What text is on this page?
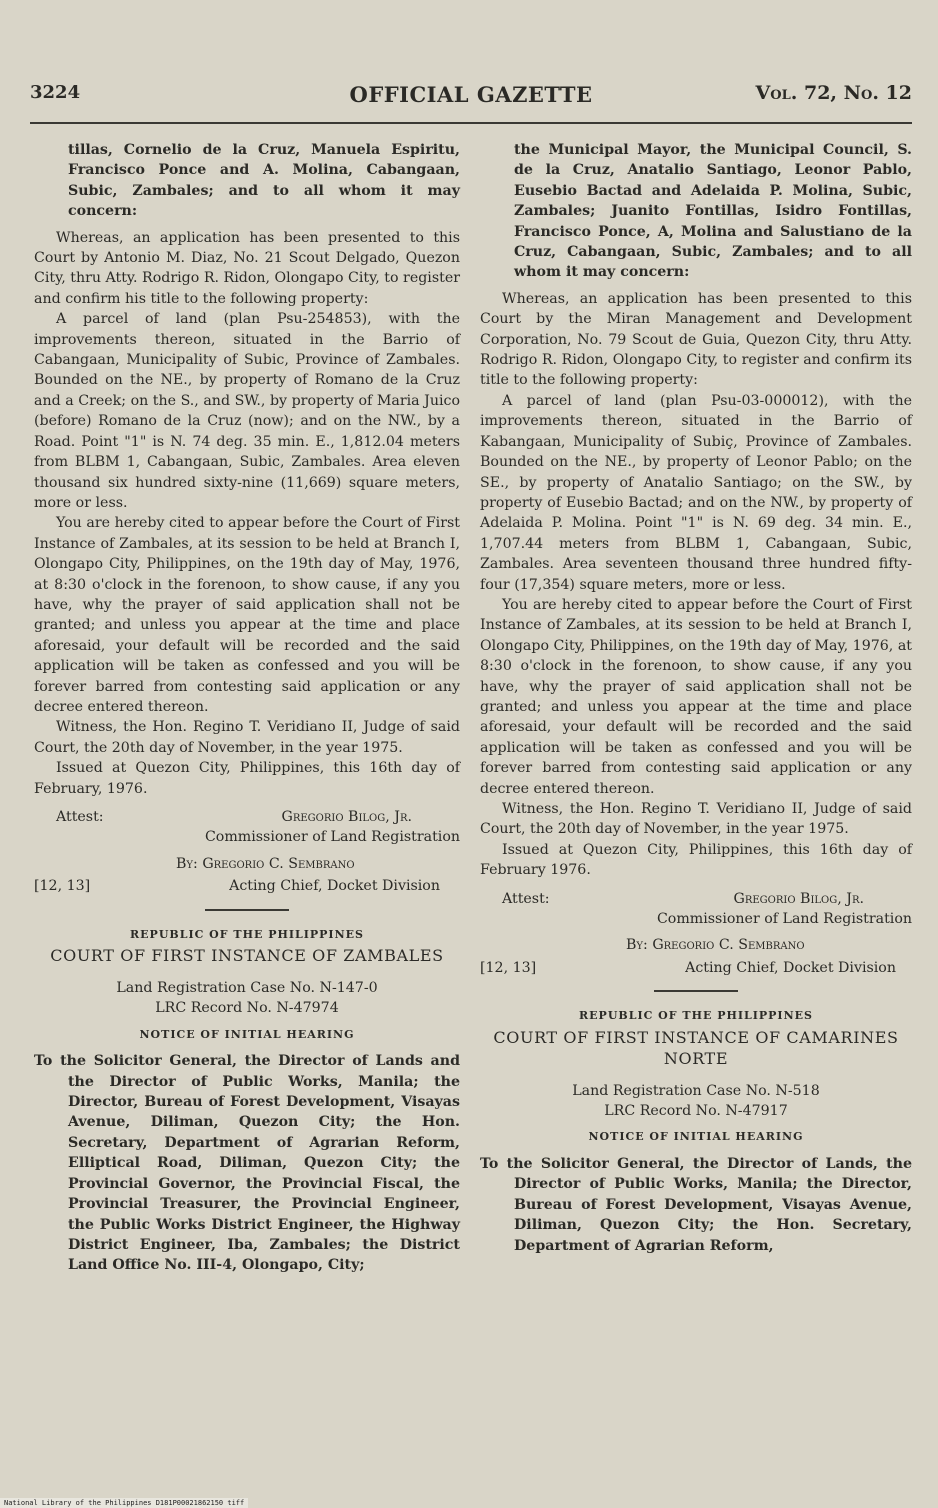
3224	OFFICIAL GAZETTE	Vol. 72, No. 12

tillas, Cornelio de la Cruz, Manuela Espiritu, Francisco Ponce and A. Molina, Cabangaan, Subic, Zambales; and to all whom it may concern:

Whereas, an application has been presented to this Court by Antonio M. Diaz, No. 21 Scout Delgado, Quezon City, thru Atty. Rodrigo R. Ridon, Olongapo City, to register and confirm his title to the following property:

A parcel of land (plan Psu-254853), with the improvements thereon, situated in the Barrio of Cabangaan, Municipality of Subic, Province of Zambales. Bounded on the NE., by property of Romano de la Cruz and a Creek; on the S., and SW., by property of Maria Juico (before) Romano de la Cruz (now); and on the NW., by a Road. Point "1" is N. 74 deg. 35 min. E., 1,812.04 meters from BLBM 1, Cabangaan, Subic, Zambales. Area eleven thousand six hundred sixty-nine (11,669) square meters, more or less.

You are hereby cited to appear before the Court of First Instance of Zambales, at its session to be held at Branch I, Olongapo City, Philippines, on the 19th day of May, 1976, at 8:30 o'clock in the forenoon, to show cause, if any you have, why the prayer of said application shall not be granted; and unless you appear at the time and place aforesaid, your default will be recorded and the said application will be taken as confessed and you will be forever barred from contesting said application or any decree entered thereon.

Witness, the Hon. Regino T. Veridiano II, Judge of said Court, the 20th day of November, in the year 1975.

Issued at Quezon City, Philippines, this 16th day of February, 1976.

Attest:	Gregorio Bilog, Jr.

Commissioner of Land Registration

By: Gregorio C. Sembrano

[12, 13]	Acting Chief, Docket Division

REPUBLIC OF THE PHILIPPINES

COURT OF FIRST INSTANCE OF ZAMBALES

Land Registration Case No. N-147-0

LRC Record No. N-47974

NOTICE OF INITIAL HEARING

To the Solicitor General, the Director of Lands and the Director of Public Works, Manila; the Director, Bureau of Forest Development, Visayas Avenue, Diliman, Quezon City; the Hon. Secretary, Department of Agrarian Reform, Elliptical Road, Diliman, Quezon City; the Provincial Governor, the Provincial Fiscal, the Provincial Treasurer, the Provincial Engineer, the Public Works District Engineer, the Highway District Engineer, Iba, Zambales; the District Land Office No. III-4, Olongapo, City;

the Municipal Mayor, the Municipal Council, S. de la Cruz, Anatalio Santiago, Leonor Pablo, Eusebio Bactad and Adelaida P. Molina, Subic, Zambales; Juanito Fontillas, Isidro Fontillas, Francisco Ponce, A, Molina and Salustiano de la Cruz, Cabangaan, Subic, Zambales; and to all whom it may concern:

Whereas, an application has been presented to this Court by the Miran Management and Development Corporation, No. 79 Scout de Guia, Quezon City, thru Atty. Rodrigo R. Ridon, Olongapo City, to register and confirm its title to the following property:

A parcel of land (plan Psu-03-000012), with the improvements thereon, situated in the Barrio of Kabangaan, Municipality of Subiç, Province of Zambales. Bounded on the NE., by property of Leonor Pablo; on the SE., by property of Anatalio Santiago; on the SW., by property of Eusebio Bactad; and on the NW., by property of Adelaida P. Molina. Point "1" is N. 69 deg. 34 min. E., 1,707.44 meters from BLBM 1, Cabangaan, Subic, Zambales. Area seventeen thousand three hundred fifty-four (17,354) square meters, more or less.

You are hereby cited to appear before the Court of First Instance of Zambales, at its session to be held at Branch I, Olongapo City, Philippines, on the 19th day of May, 1976, at 8:30 o'clock in the forenoon, to show cause, if any you have, why the prayer of said application shall not be granted; and unless you appear at the time and place aforesaid, your default will be recorded and the said application will be taken as confessed and you will be forever barred from contesting said application or any decree entered thereon.

Witness, the Hon. Regino T. Veridiano II, Judge of said Court, the 20th day of November, in the year 1975.

Issued at Quezon City, Philippines, this 16th day of February 1976.

Attest:	Gregorio Bilog, Jr.

Commissioner of Land Registration

By: Gregorio C. Sembrano

[12, 13]	Acting Chief, Docket Division

REPUBLIC OF THE PHILIPPINES

COURT OF FIRST INSTANCE OF CAMARINES NORTE

Land Registration Case No. N-518

LRC Record No. N-47917

NOTICE OF INITIAL HEARING

To the Solicitor General, the Director of Lands, the Director of Public Works, Manila; the Director, Bureau of Forest Development, Visayas Avenue, Diliman, Quezon City; the Hon. Secretary, Department of Agrarian Reform,

National Library of the Philippines D181P00021862150 tiff
